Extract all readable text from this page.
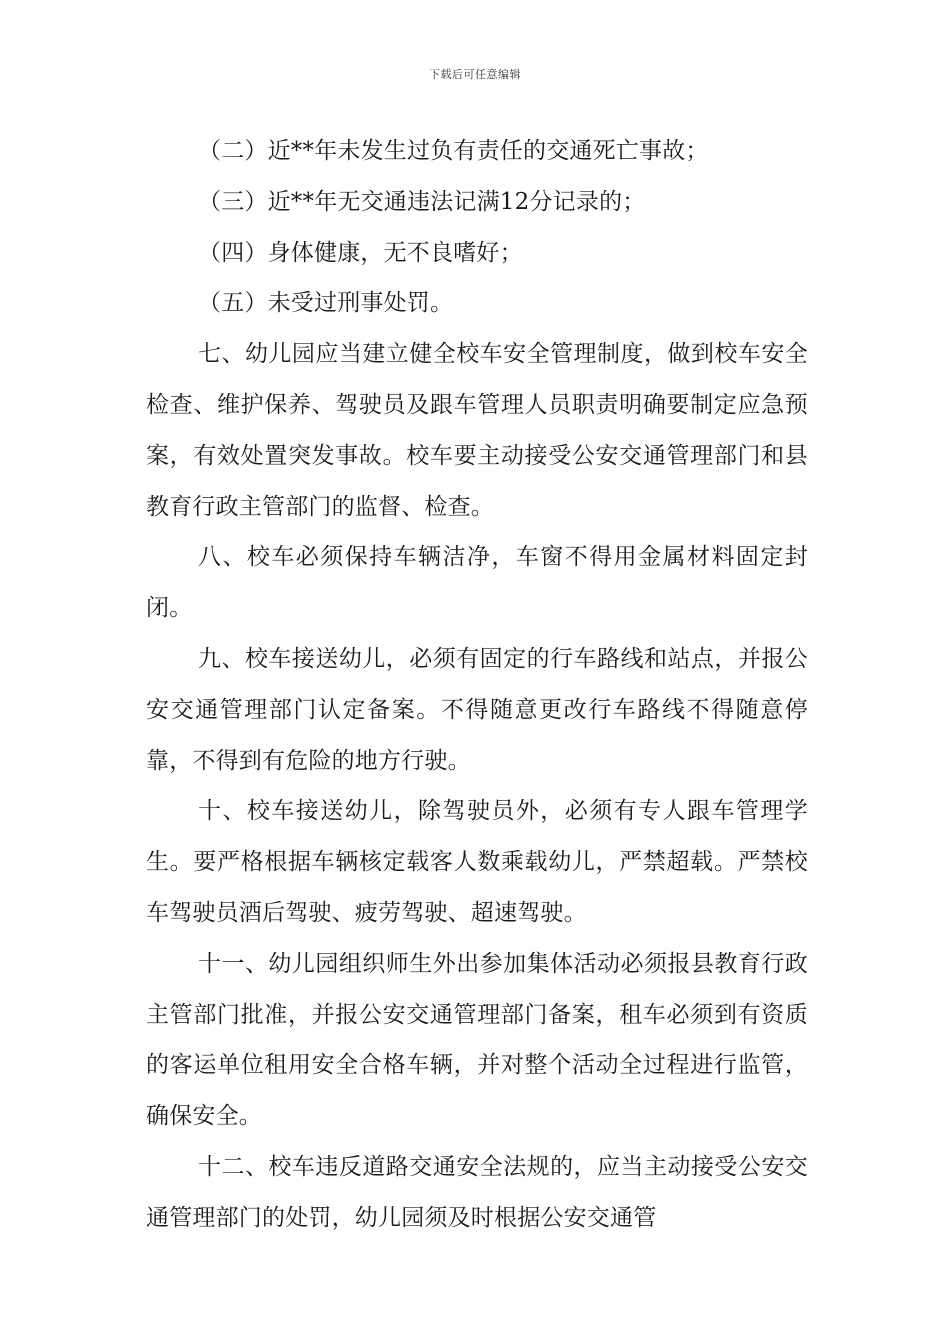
下载后可任意编辑

（二）近**年未发生过负有责任的交通死亡事故；

（三）近**年无交通违法记满12分记录的；

（四）身体健康，无不良嗜好；

（五）未受过刑事处罚。

七、幼儿园应当建立健全校车安全管理制度，做到校车安全检查、维护保养、驾驶员及跟车管理人员职责明确要制定应急预案，有效处置突发事故。校车要主动接受公安交通管理部门和县教育行政主管部门的监督、检查。

八、校车必须保持车辆洁净，车窗不得用金属材料固定封闭。

九、校车接送幼儿，必须有固定的行车路线和站点，并报公安交通管理部门认定备案。不得随意更改行车路线不得随意停靠，不得到有危险的地方行驶。

十、校车接送幼儿，除驾驶员外，必须有专人跟车管理学生。要严格根据车辆核定载客人数乘载幼儿，严禁超载。严禁校车驾驶员酒后驾驶、疲劳驾驶、超速驾驶。

十一、幼儿园组织师生外出参加集体活动必须报县教育行政主管部门批准，并报公安交通管理部门备案，租车必须到有资质的客运单位租用安全合格车辆，并对整个活动全过程进行监管，确保安全。

十二、校车违反道路交通安全法规的，应当主动接受公安交通管理部门的处罚，幼儿园须及时根据公安交通管
